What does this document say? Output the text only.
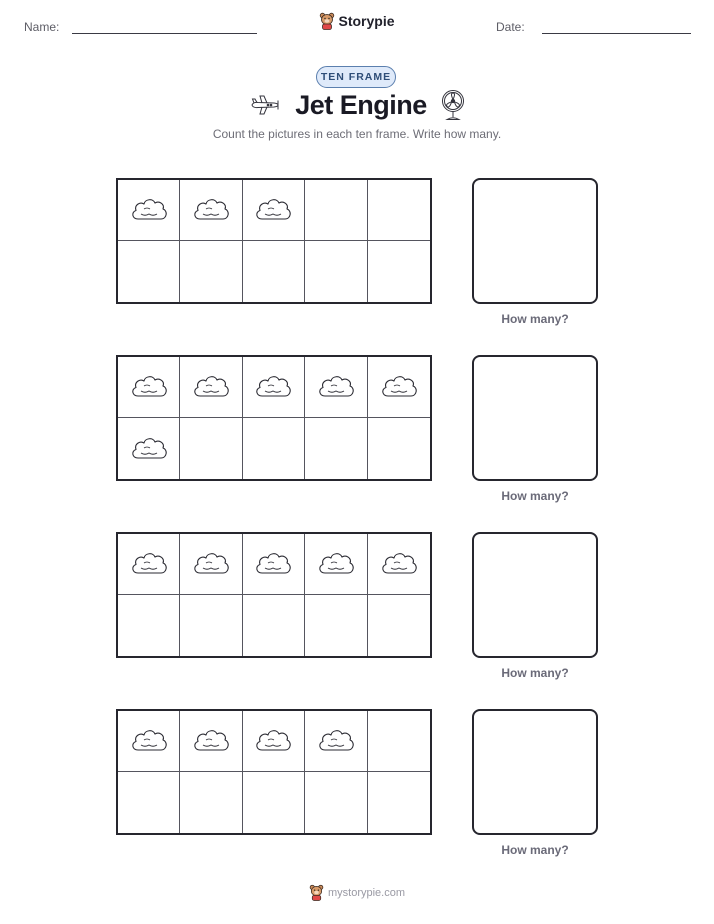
Name:	Storypie	Date:
TEN FRAME
Jet Engine
Count the pictures in each ten frame. Write how many.
How many?
How many?
How many?
How many?
mystorypie.com
